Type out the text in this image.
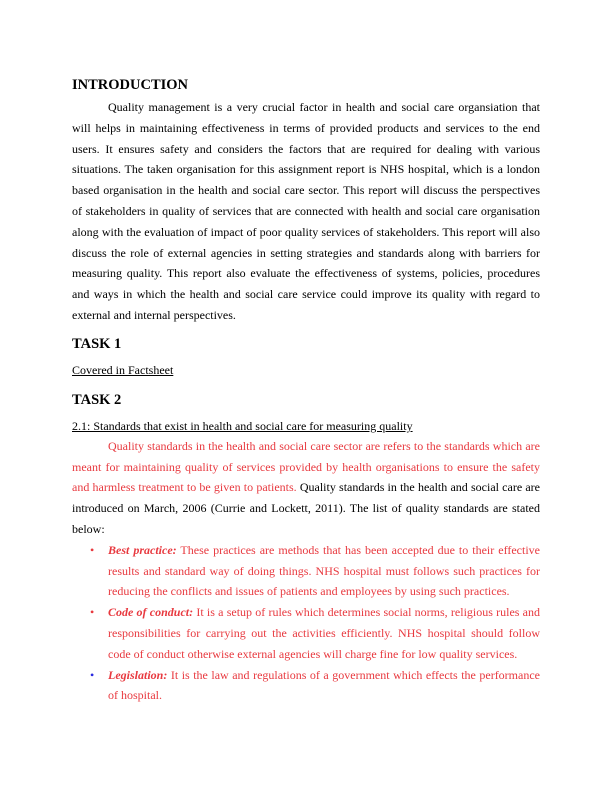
INTRODUCTION

Quality management is a very crucial factor in health and social care organsiation that will helps in maintaining effectiveness in terms of provided products and services to the end users. It ensures safety and considers the factors that are required for dealing with various situations. The taken organisation for this assignment report is NHS hospital, which is a london based organisation in the health and social care sector. This report will discuss the perspectives of stakeholders in quality of services that are connected with health and social care organisation along with the evaluation of impact of poor quality services of stakeholders. This report will also discuss the role of external agencies in setting strategies and standards along with barriers for measuring quality. This report also evaluate the effectiveness of systems, policies, procedures and ways in which the health and social care service could improve its quality with regard to external and internal perspectives.

TASK 1

Covered in Factsheet

TASK 2

2.1: Standards that exist in health and social care for measuring quality

Quality standards in the health and social care sector are refers to the standards which are meant for maintaining quality of services provided by health organisations to ensure the safety and harmless treatment to be given to patients. Quality standards in the health and social care are introduced on March, 2006 (Currie and Lockett, 2011). The list of quality standards are stated below:

• Best practice: These practices are methods that has been accepted due to their effective results and standard way of doing things. NHS hospital must follows such practices for reducing the conflicts and issues of patients and employees by using such practices.
• Code of conduct: It is a setup of rules which determines social norms, religious rules and responsibilities for carrying out the activities efficiently. NHS hospital should follow code of conduct otherwise external agencies will charge fine for low quality services.
• Legislation: It is the law and regulations of a government which effects the performance of hospital.
